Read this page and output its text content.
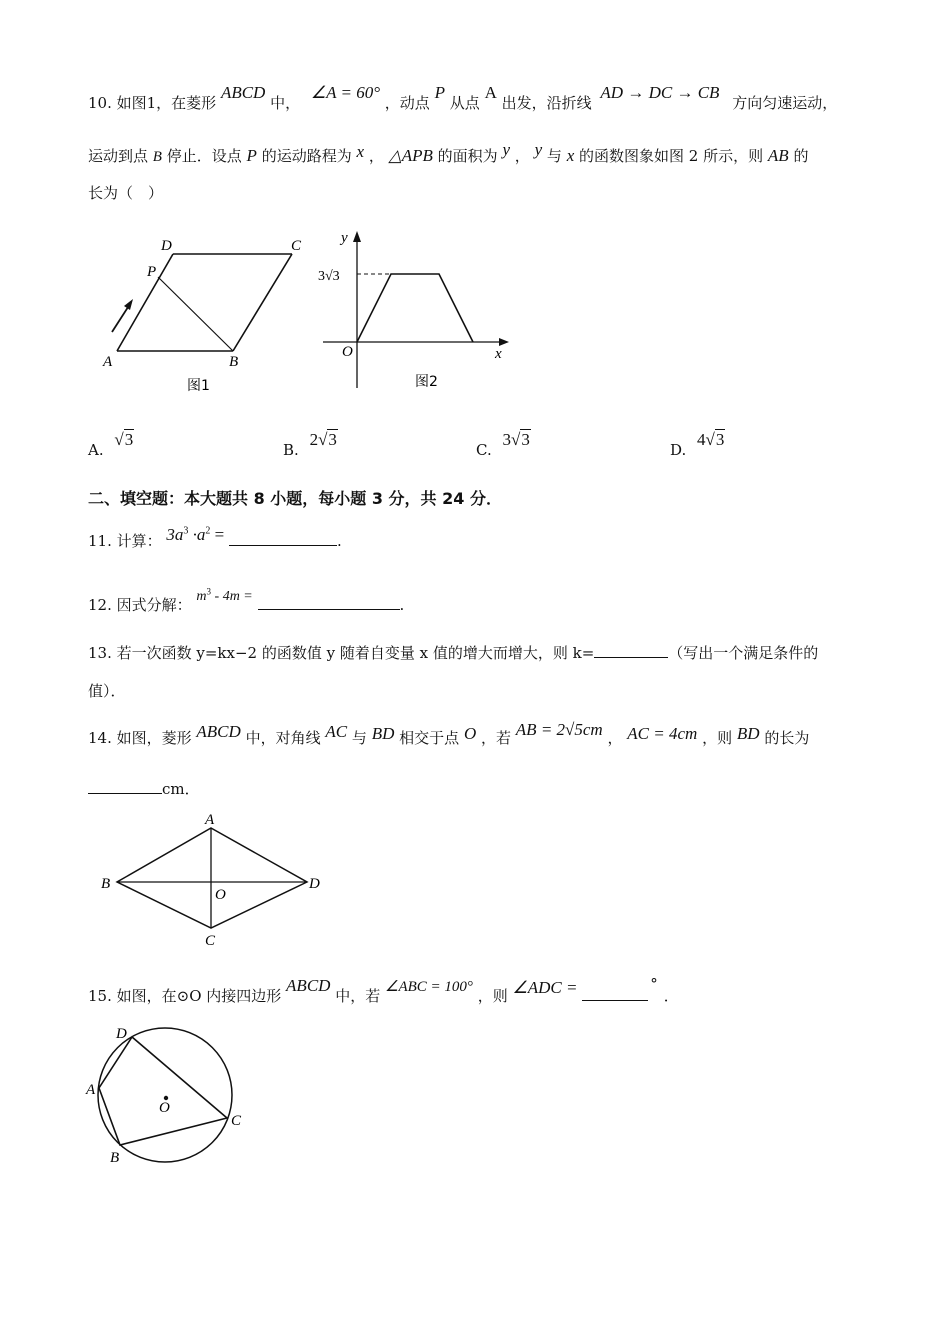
10. 如图1，在菱形 ABCD 中， ∠A = 60° ，动点 P 从点 A 出发，沿折线 AD → DC → CB 方向匀速运动，
运动到点 B 停止．设点 P 的运动路程为 x ， △APB 的面积为 y ， y 与 x 的函数图象如图 2 所示，则 AB 的
长为（　）
A	B
C
D
P
图1
y
x
O
3√3
图2
A. √3
B. 2√3
C. 3√3
D. 4√3
二、填空题：本大题共 8 小题，每小题 3 分，共 24 分．
11. 计算： $3a^3 \cdot a^2$ =	.
12. 因式分解： $m^3 - 4m$ =	.
13. 若一次函数 y=kx−2 的函数值 y 随着自变量 x 值的增大而增大，则 k=	（写出一个满足条件的
值）．
14. 如图，菱形 ABCD 中，对角线 AC 与 BD 相交于点 O ，若 AB = 2√5cm ， AC = 4cm ，则 BD 的长为
cm．
A
B
C
D
O
15. 如图，在⊙O 内接四边形 ABCD 中，若 ∠ABC = 100° ，则 ∠ADC =	°．
A
B
C
D
O
